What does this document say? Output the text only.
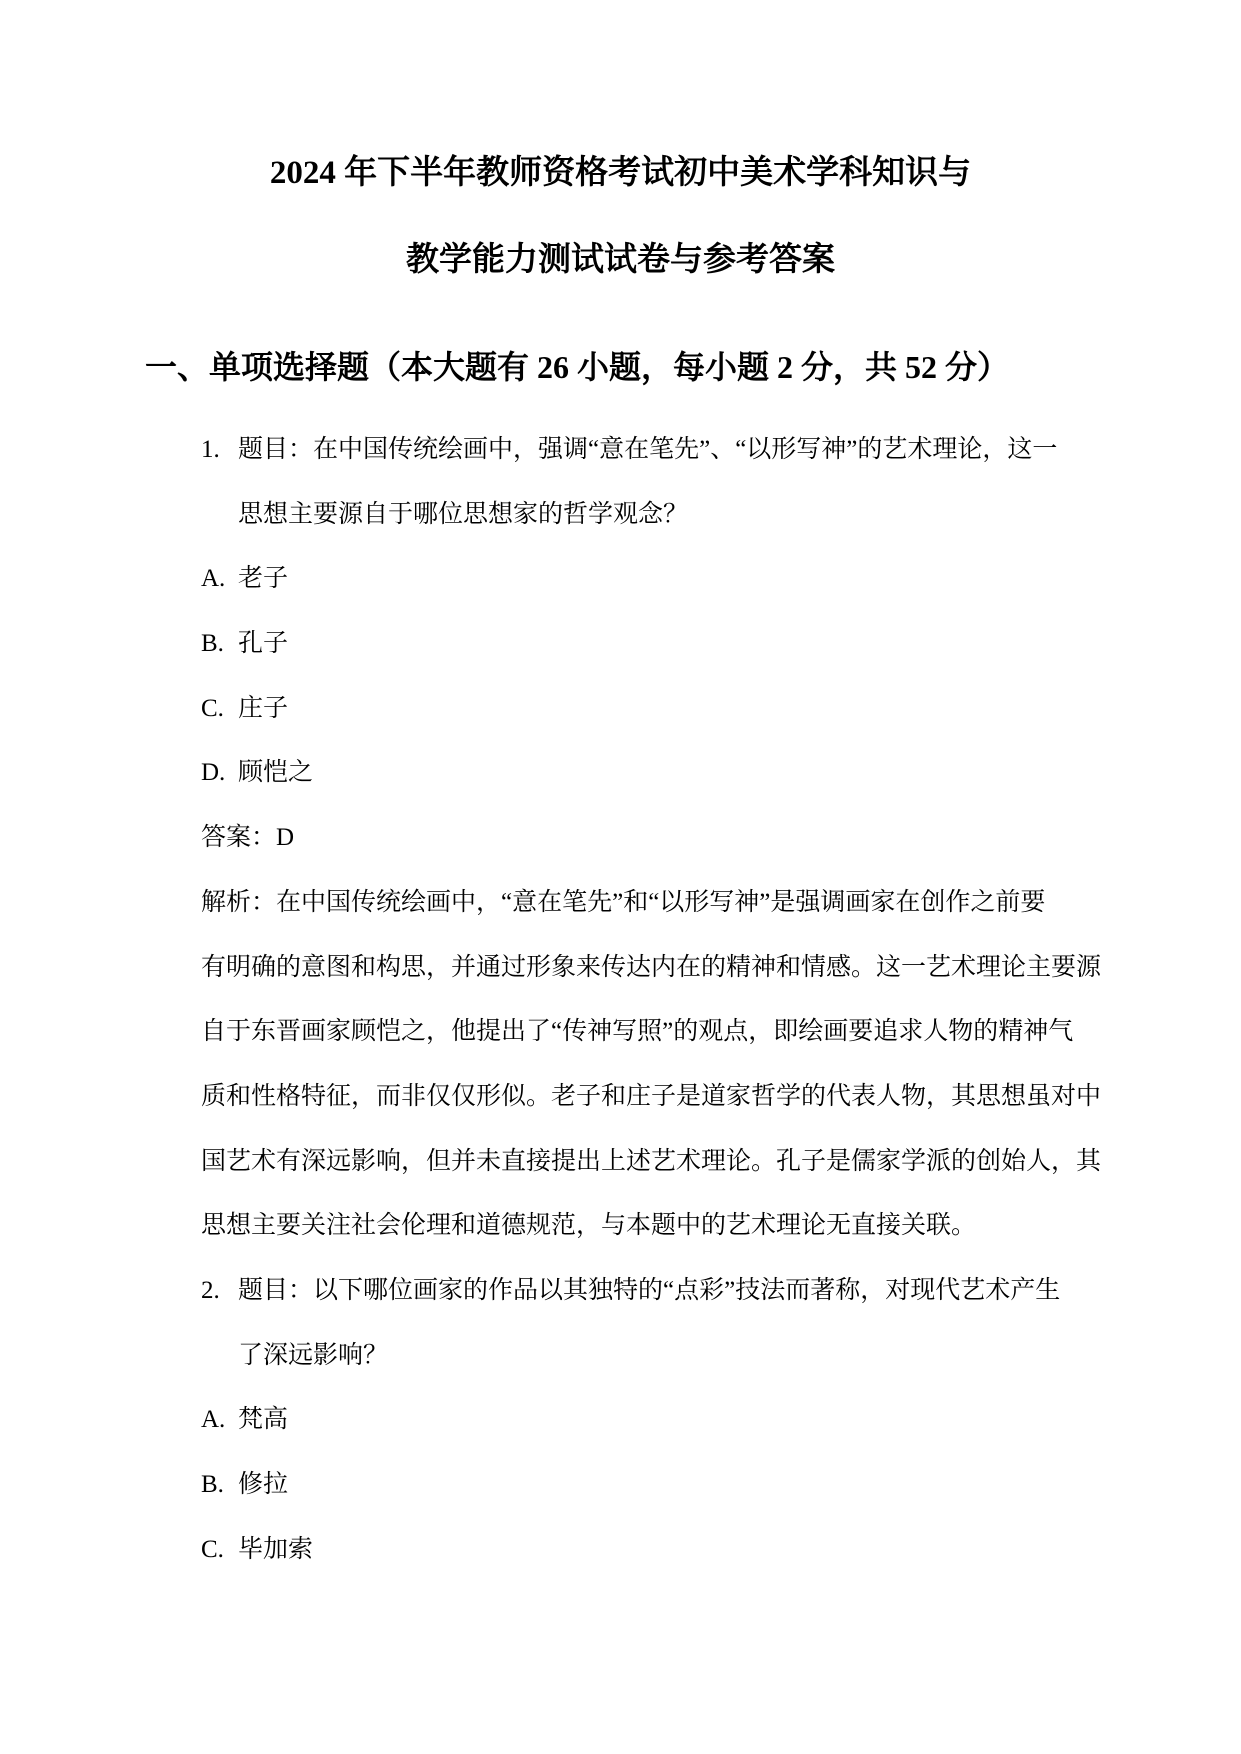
2024 年下半年教师资格考试初中美术学科知识与
教学能力测试试卷与参考答案
一、单项选择题（本大题有 26 小题，每小题 2 分，共 52 分）
1. 题目：在中国传统绘画中，强调“意在笔先”、“以形写神”的艺术理论，这一
思想主要源自于哪位思想家的哲学观念？
A. 老子
B. 孔子
C. 庄子
D. 顾恺之
答案：D
解析：在中国传统绘画中，“意在笔先”和“以形写神”是强调画家在创作之前要
有明确的意图和构思，并通过形象来传达内在的精神和情感。这一艺术理论主要源
自于东晋画家顾恺之，他提出了“传神写照”的观点，即绘画要追求人物的精神气
质和性格特征，而非仅仅形似。老子和庄子是道家哲学的代表人物，其思想虽对中
国艺术有深远影响，但并未直接提出上述艺术理论。孔子是儒家学派的创始人，其
思想主要关注社会伦理和道德规范，与本题中的艺术理论无直接关联。
2. 题目：以下哪位画家的作品以其独特的“点彩”技法而著称，对现代艺术产生
了深远影响？
A. 梵高
B. 修拉
C. 毕加索
